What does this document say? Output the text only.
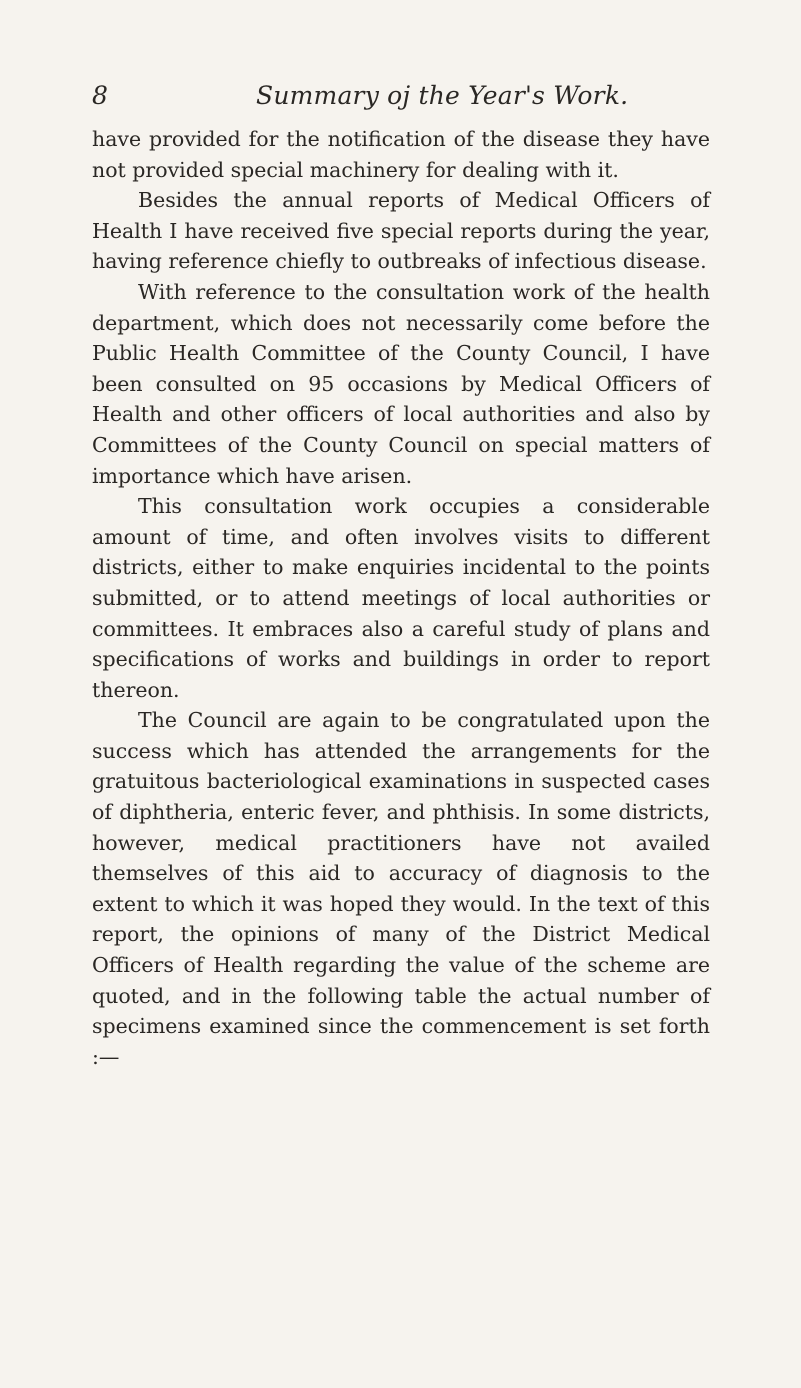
8	Summary oj the Year's Work.

have provided for the notification of the disease they have not provided special machinery for dealing with it.

Besides the annual reports of Medical Officers of Health I have received five special reports during the year, having reference chiefly to outbreaks of infectious disease.

With reference to the consultation work of the health department, which does not necessarily come before the Public Health Committee of the County Council, I have been consulted on 95 occasions by Medical Officers of Health and other officers of local authorities and also by Committees of the County Council on special matters of importance which have arisen.

This consultation work occupies a considerable amount of time, and often involves visits to different districts, either to make enquiries incidental to the points submitted, or to attend meetings of local authorities or committees. It embraces also a careful study of plans and specifications of works and buildings in order to report thereon.

The Council are again to be congratulated upon the success which has attended the arrangements for the gratuitous bacteriological examinations in suspected cases of diphtheria, enteric fever, and phthisis. In some districts, however, medical practitioners have not availed themselves of this aid to accuracy of diagnosis to the extent to which it was hoped they would. In the text of this report, the opinions of many of the District Medical Officers of Health regarding the value of the scheme are quoted, and in the following table the actual number of specimens examined since the commencement is set forth :—
